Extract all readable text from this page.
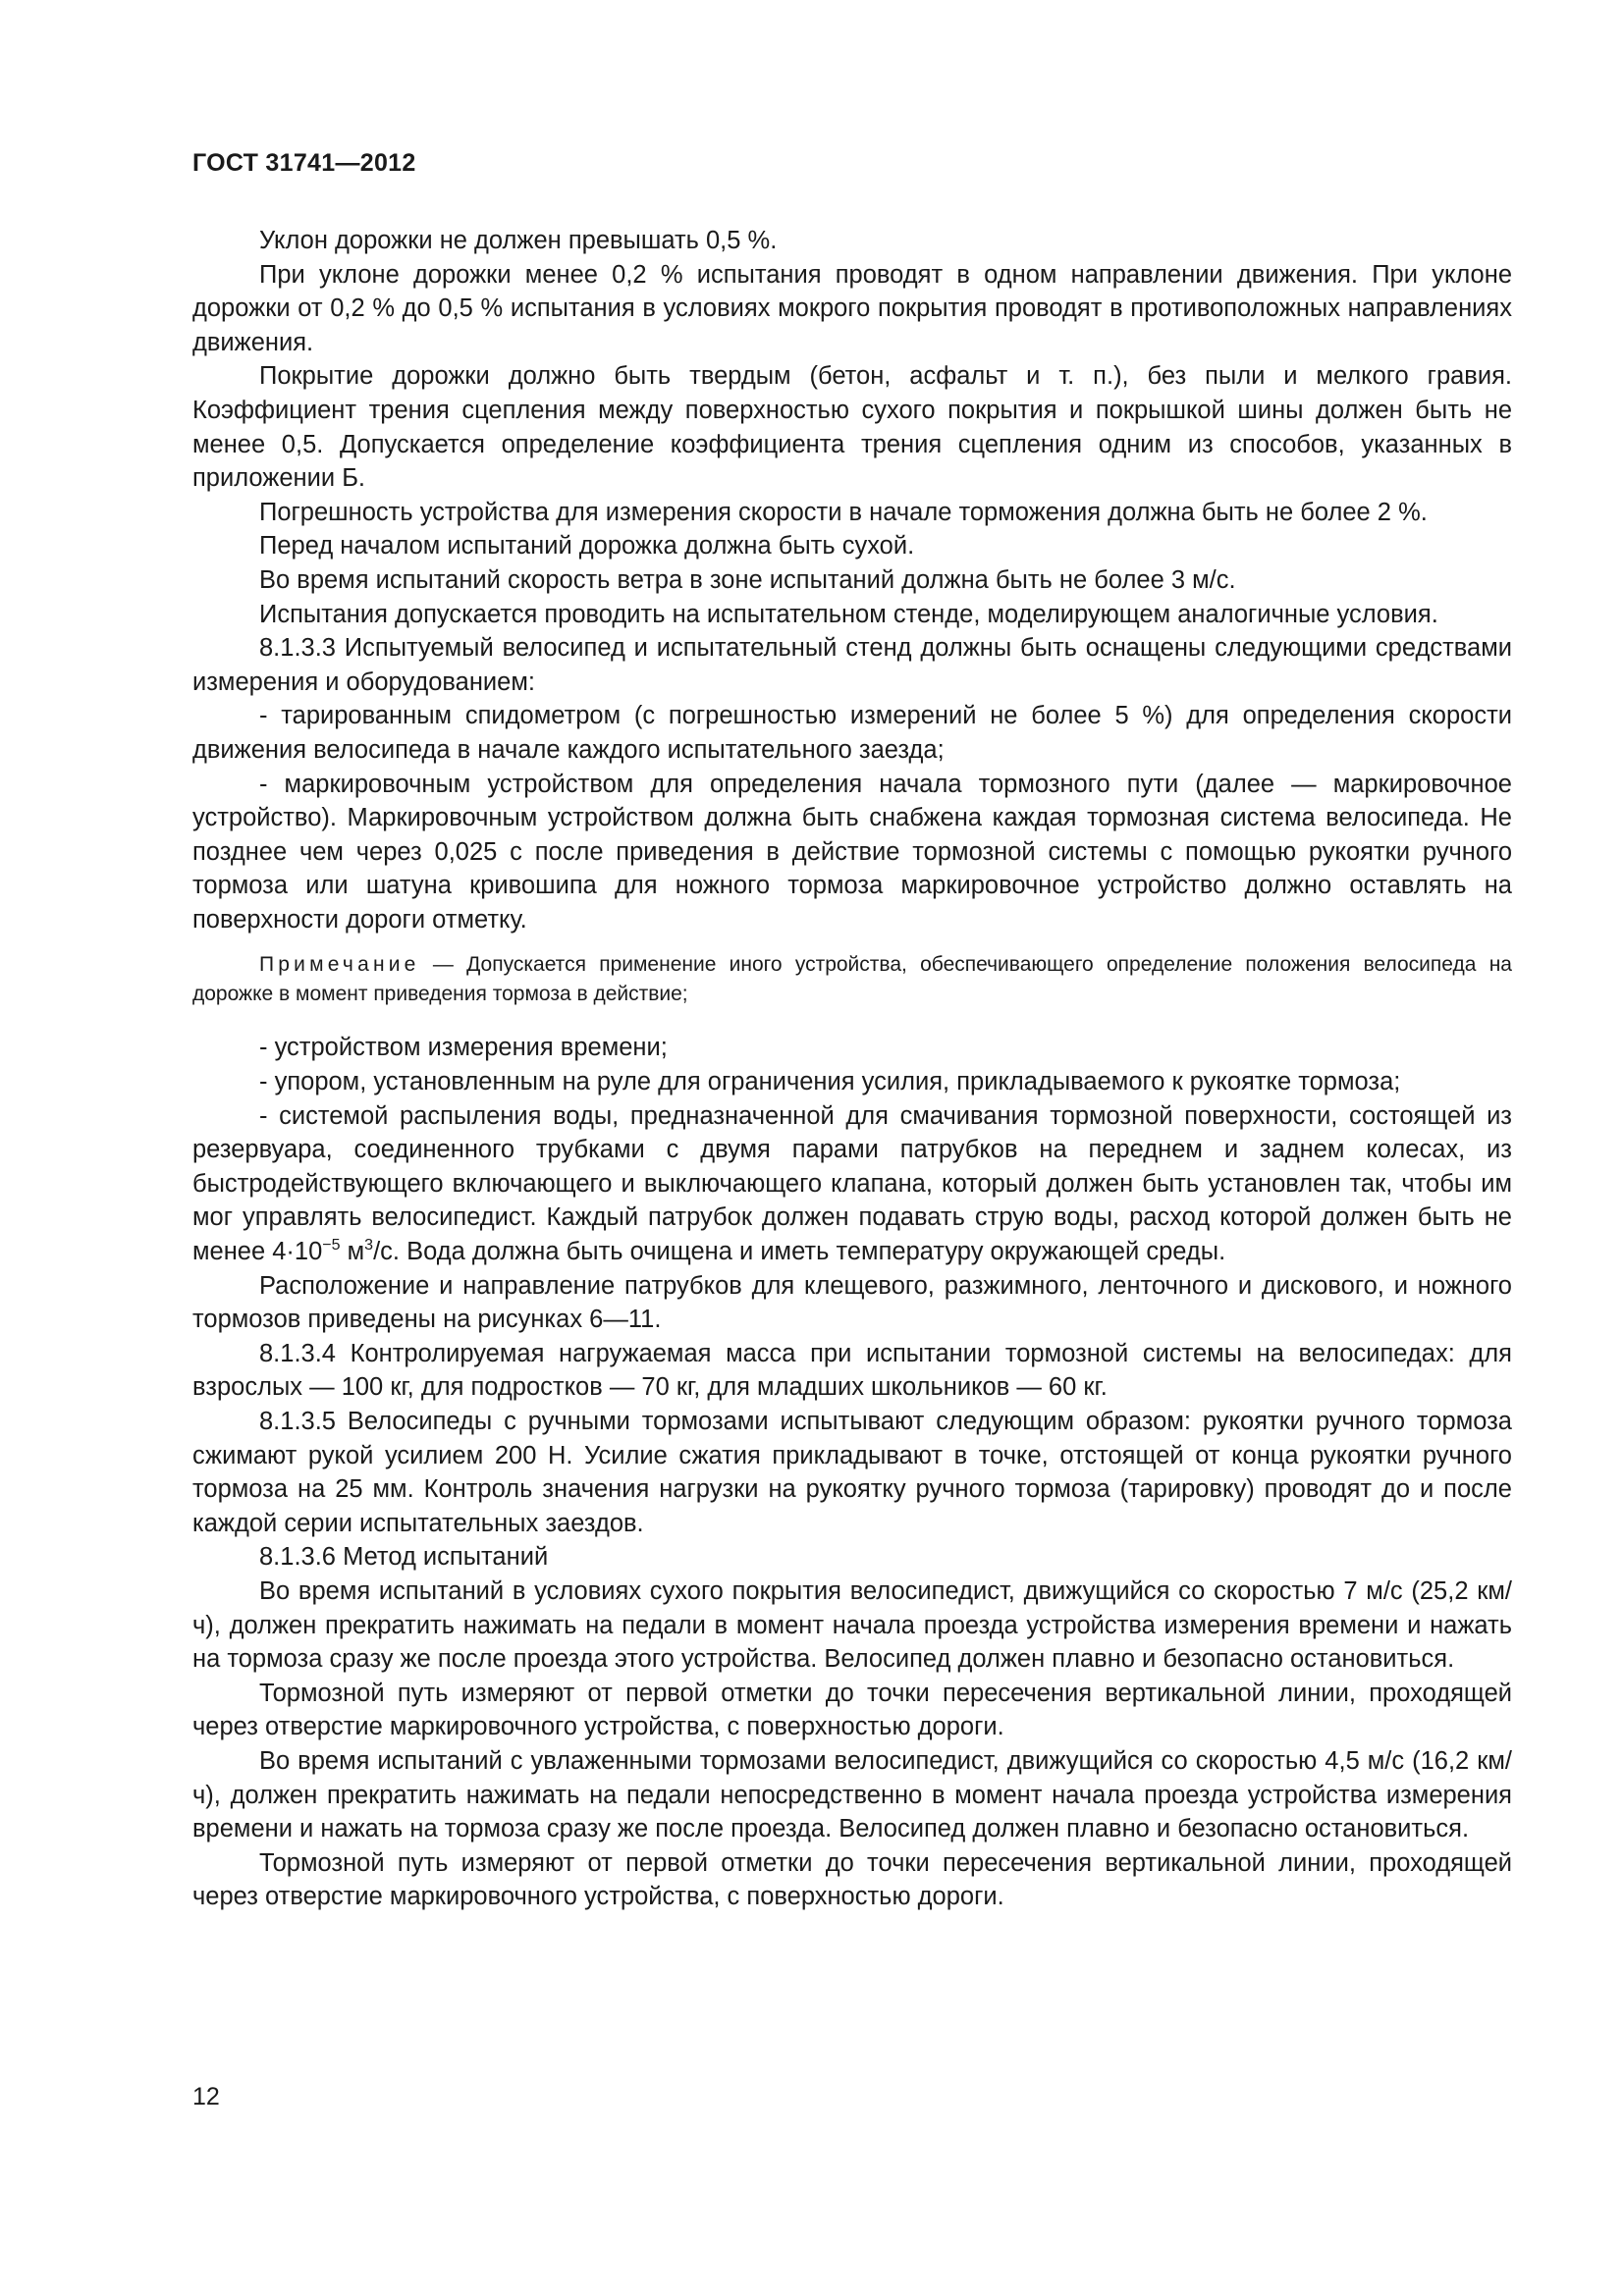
ГОСТ 31741—2012

Уклон дорожки не должен превышать 0,5 %.

При уклоне дорожки менее 0,2 % испытания проводят в одном направлении движения. При уклоне дорожки от 0,2 % до 0,5 % испытания в условиях мокрого покрытия проводят в противоположных направлениях движения.

Покрытие дорожки должно быть твердым (бетон, асфальт и т. п.), без пыли и мелкого гравия. Коэффициент трения сцепления между поверхностью сухого покрытия и покрышкой шины должен быть не менее 0,5. Допускается определение коэффициента трения сцепления одним из способов, указанных в приложении Б.

Погрешность устройства для измерения скорости в начале торможения должна быть не более 2 %.

Перед началом испытаний дорожка должна быть сухой.

Во время испытаний скорость ветра в зоне испытаний должна быть не более 3 м/с.

Испытания допускается проводить на испытательном стенде, моделирующем аналогичные условия.

8.1.3.3 Испытуемый велосипед и испытательный стенд должны быть оснащены следующими средствами измерения и оборудованием:

- тарированным спидометром (с погрешностью измерений не более 5 %) для определения скорости движения велосипеда в начале каждого испытательного заезда;

- маркировочным устройством для определения начала тормозного пути (далее — маркировочное устройство). Маркировочным устройством должна быть снабжена каждая тормозная система велосипеда. Не позднее чем через 0,025 с после приведения в действие тормозной системы с помощью рукоятки ручного тормоза или шатуна кривошипа для ножного тормоза маркировочное устройство должно оставлять на поверхности дороги отметку.

Примечание — Допускается применение иного устройства, обеспечивающего определение положения велосипеда на дорожке в момент приведения тормоза в действие;

- устройством измерения времени;

- упором, установленным на руле для ограничения усилия, прикладываемого к рукоятке тормоза;

- системой распыления воды, предназначенной для смачивания тормозной поверхности, состоящей из резервуара, соединенного трубками с двумя парами патрубков на переднем и заднем колесах, из быстродействующего включающего и выключающего клапана, который должен быть установлен так, чтобы им мог управлять велосипедист. Каждый патрубок должен подавать струю воды, расход которой должен быть не менее $4\cdot 10^{-5}$ $м^3/с$. Вода должна быть очищена и иметь температуру окружающей среды.

Расположение и направление патрубков для клещевого, разжимного, ленточного и дискового, и ножного тормозов приведены на рисунках 6—11.

8.1.3.4 Контролируемая нагружаемая масса при испытании тормозной системы на велосипедах: для взрослых — 100 кг, для подростков — 70 кг, для младших школьников — 60 кг.

8.1.3.5 Велосипеды с ручными тормозами испытывают следующим образом: рукоятки ручного тормоза сжимают рукой усилием 200 Н. Усилие сжатия прикладывают в точке, отстоящей от конца рукоятки ручного тормоза на 25 мм. Контроль значения нагрузки на рукоятку ручного тормоза (тарировку) проводят до и после каждой серии испытательных заездов.

8.1.3.6 Метод испытаний

Во время испытаний в условиях сухого покрытия велосипедист, движущийся со скоростью 7 м/с (25,2 км/ч), должен прекратить нажимать на педали в момент начала проезда устройства измерения времени и нажать на тормоза сразу же после проезда этого устройства. Велосипед должен плавно и безопасно остановиться.

Тормозной путь измеряют от первой отметки до точки пересечения вертикальной линии, проходящей через отверстие маркировочного устройства, с поверхностью дороги.

Во время испытаний с увлаженными тормозами велосипедист, движущийся со скоростью 4,5 м/с (16,2 км/ч), должен прекратить нажимать на педали непосредственно в момент начала проезда устройства измерения времени и нажать на тормоза сразу же после проезда. Велосипед должен плавно и безопасно остановиться.

Тормозной путь измеряют от первой отметки до точки пересечения вертикальной линии, проходящей через отверстие маркировочного устройства, с поверхностью дороги.

12
